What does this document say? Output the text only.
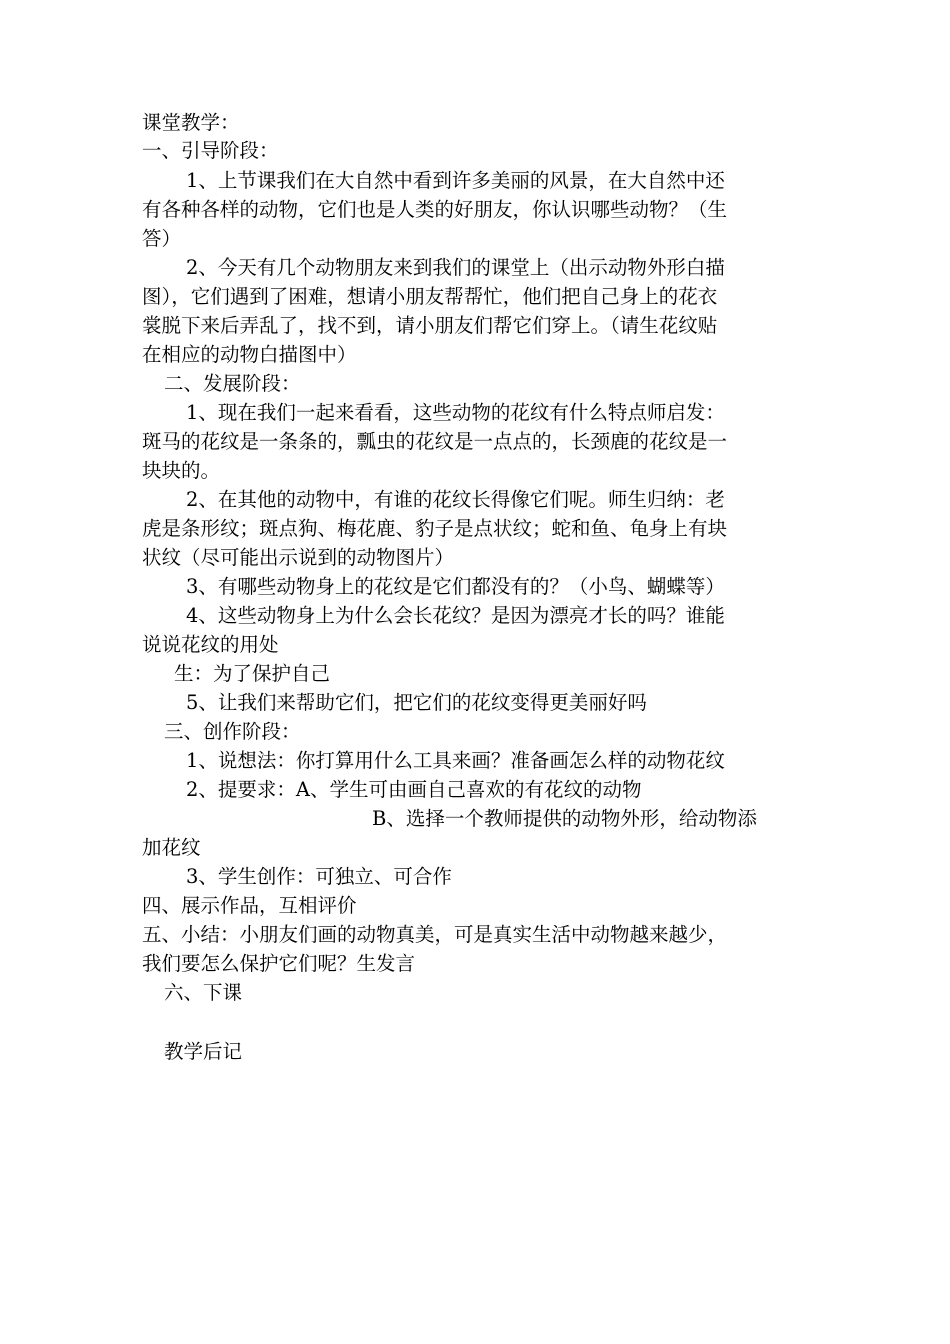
课堂教学：
一、引导阶段：
1、上节课我们在大自然中看到许多美丽的风景，在大自然中还
有各种各样的动物，它们也是人类的好朋友，你认识哪些动物？（生
答）
2、今天有几个动物朋友来到我们的课堂上（出示动物外形白描
图），它们遇到了困难，想请小朋友帮帮忙，他们把自己身上的花衣
裳脱下来后弄乱了，找不到，请小朋友们帮它们穿上。（请生花纹贴
在相应的动物白描图中）
二、发展阶段：
1、现在我们一起来看看，这些动物的花纹有什么特点师启发：
斑马的花纹是一条条的，瓢虫的花纹是一点点的，长颈鹿的花纹是一
块块的。
2、在其他的动物中，有谁的花纹长得像它们呢。师生归纳：老
虎是条形纹；斑点狗、梅花鹿、豹子是点状纹；蛇和鱼、龟身上有块
状纹（尽可能出示说到的动物图片）
3、有哪些动物身上的花纹是它们都没有的？（小鸟、蝴蝶等）
4、这些动物身上为什么会长花纹？是因为漂亮才长的吗？谁能
说说花纹的用处
生：为了保护自己
5、让我们来帮助它们，把它们的花纹变得更美丽好吗
三、创作阶段：
1、说想法：你打算用什么工具来画？准备画怎么样的动物花纹
2、提要求：A、学生可由画自己喜欢的有花纹的动物
B、选择一个教师提供的动物外形，给动物添
加花纹
3、学生创作：可独立、可合作
四、展示作品，互相评价
五、小结：小朋友们画的动物真美，可是真实生活中动物越来越少，
我们要怎么保护它们呢？生发言
六、下课
教学后记
